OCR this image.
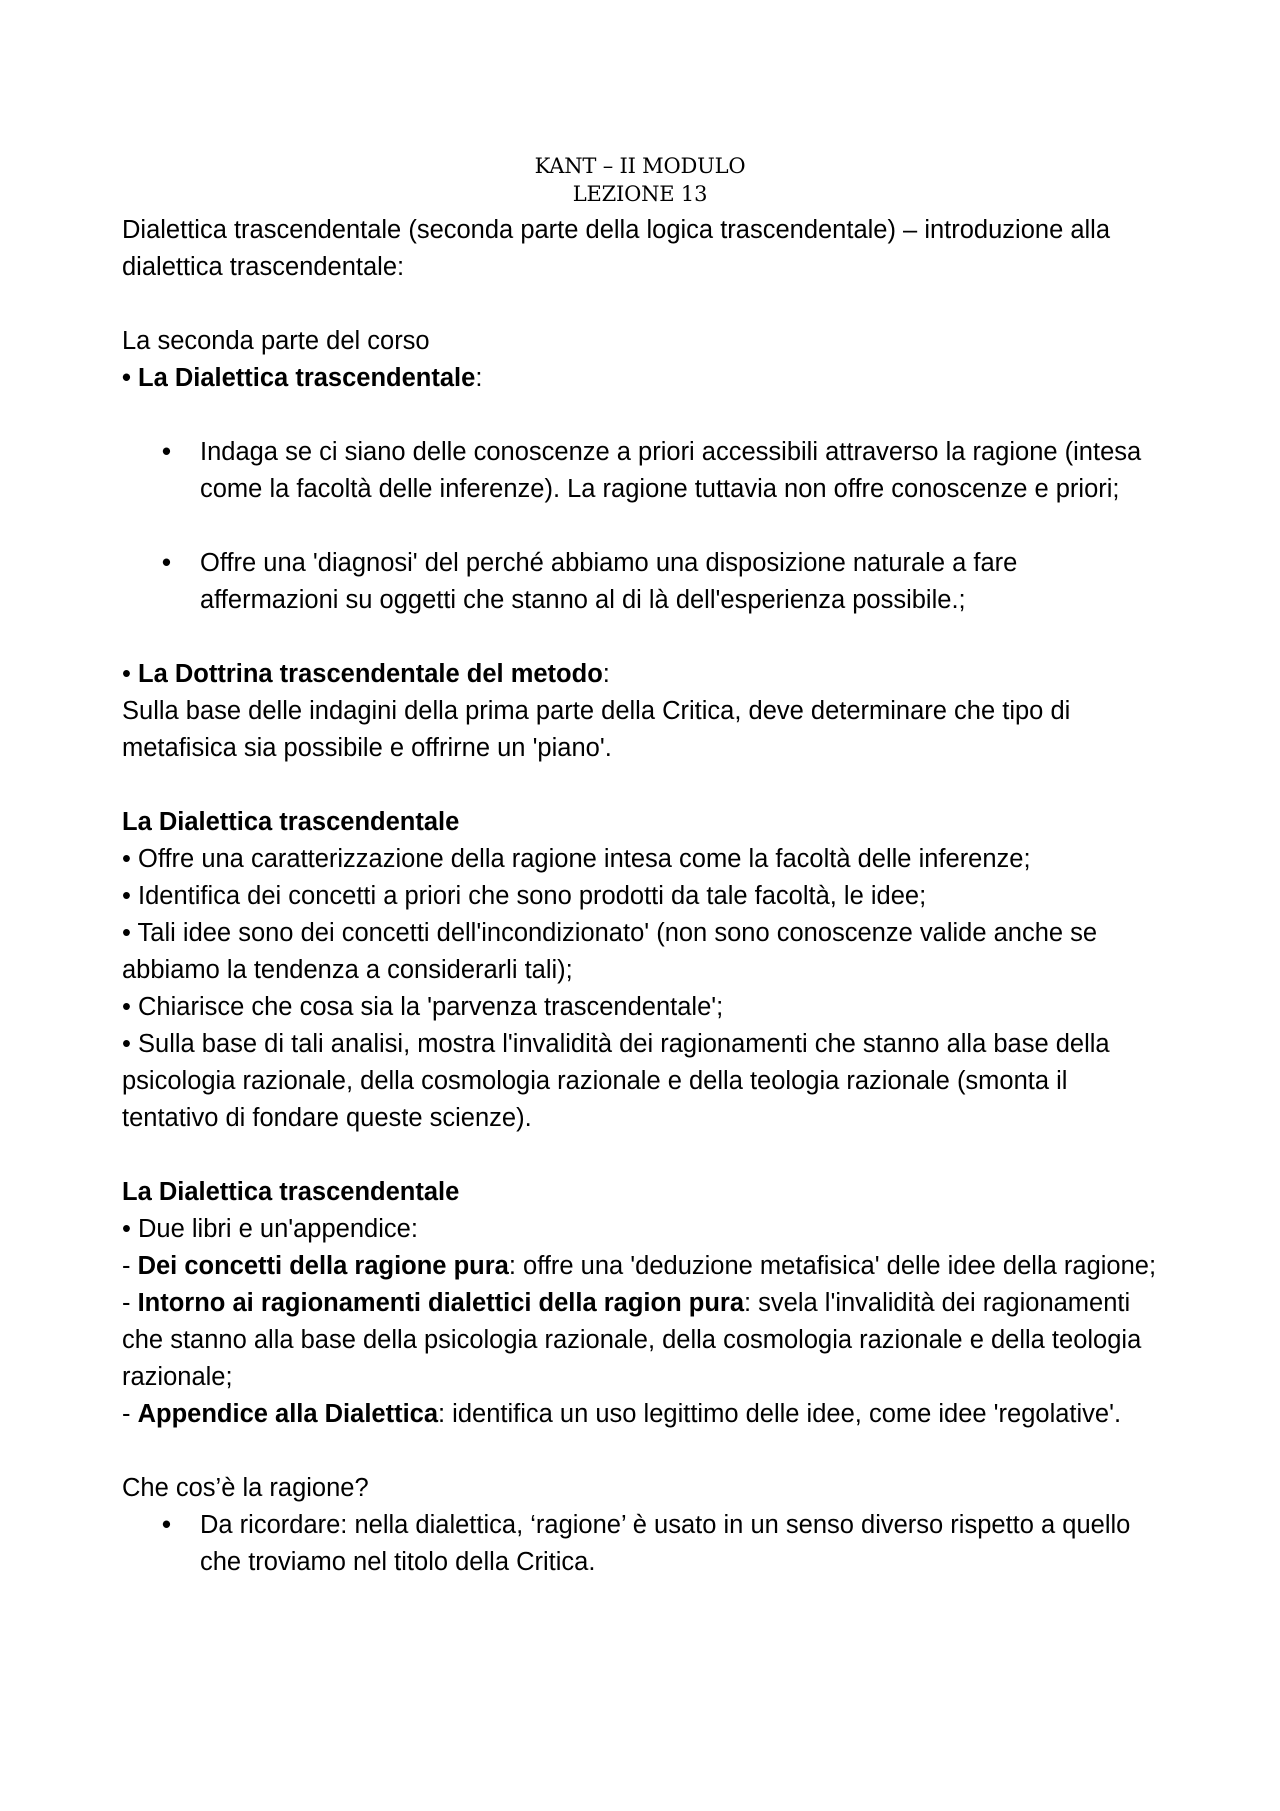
KANT – II MODULO
LEZIONE 13

Dialettica trascendentale (seconda parte della logica trascendentale) – introduzione alla dialettica trascendentale:

La seconda parte del corso

• La Dialettica trascendentale:

• Indaga se ci siano delle conoscenze a priori accessibili attraverso la ragione (intesa come la facoltà delle inferenze). La ragione tuttavia non offre conoscenze e priori;
• Offre una 'diagnosi' del perché abbiamo una disposizione naturale a fare affermazioni su oggetti che stanno al di là dell'esperienza possibile.;

• La Dottrina trascendentale del metodo:

Sulla base delle indagini della prima parte della Critica, deve determinare che tipo di metafisica sia possibile e offrirne un 'piano'.

La Dialettica trascendentale

• Offre una caratterizzazione della ragione intesa come la facoltà delle inferenze;

• Identifica dei concetti a priori che sono prodotti da tale facoltà, le idee;

• Tali idee sono dei concetti dell'incondizionato' (non sono conoscenze valide anche se abbiamo la tendenza a considerarli tali);

• Chiarisce che cosa sia la 'parvenza trascendentale';

• Sulla base di tali analisi, mostra l'invalidità dei ragionamenti che stanno alla base della psicologia razionale, della cosmologia razionale e della teologia razionale (smonta il tentativo di fondare queste scienze).

La Dialettica trascendentale

• Due libri e un'appendice:

- Dei concetti della ragione pura: offre una 'deduzione metafisica' delle idee della ragione;

- Intorno ai ragionamenti dialettici della ragion pura: svela l'invalidità dei ragionamenti che stanno alla base della psicologia razionale, della cosmologia razionale e della teologia razionale;

- Appendice alla Dialettica: identifica un uso legittimo delle idee, come idee 'regolative'.

Che cos’è la ragione?

• Da ricordare: nella dialettica, ‘ragione’ è usato in un senso diverso rispetto a quello che troviamo nel titolo della Critica.
